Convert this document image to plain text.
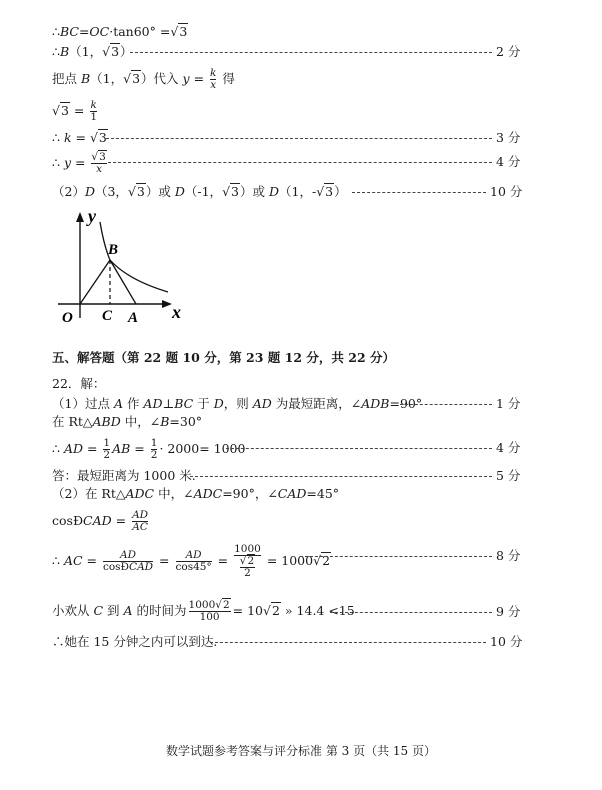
∴BC=OC·tan60° =√3
∴B（1，√3）	2 分
把点 B（1，√3）代入 $y = \frac{k}{x}$ 得
$√3 = \frac{k}{1}$
∴ k = √3	3 分
∴ $y = \frac{√3}{x}$	4 分
（2）D（3，√3）或 D（-1，√3）或 D（1，-√3）	10 分
y
x
O C A
B
五、解答题（第 22 题 10 分，第 23 题 12 分，共 22 分）
22．解：
（1）过点 A 作 AD⊥BC 于 D，则 AD 为最短距离，∠ADB=90°	1 分
在 Rt△ABD 中，∠B=30°
∴ AD = $\frac{1}{2}$ AB = $\frac{1}{2} \cdot 2000= 1000$	4 分
答：最短距离为 1000 米.	5 分
（2）在 Rt△ADC 中，∠ADC=90°，∠CAD=45°
cosÐCAD = $\frac{AD}{AC}$
∴ AC = $\frac{AD}{\text{cosÐCAD}} = \frac{AD}{\cos 45^\circ} = \frac{1000}{\frac{√2}{2}} = 1000√2$	8 分
小欢从 C 到 A 的时间为 $\frac{1000√2}{100} = 10√2$ » 14.4 <15	9 分
∴她在 15 分钟之内可以到达.	10 分
数学试题参考答案与评分标准 第 3 页（共 15 页）
